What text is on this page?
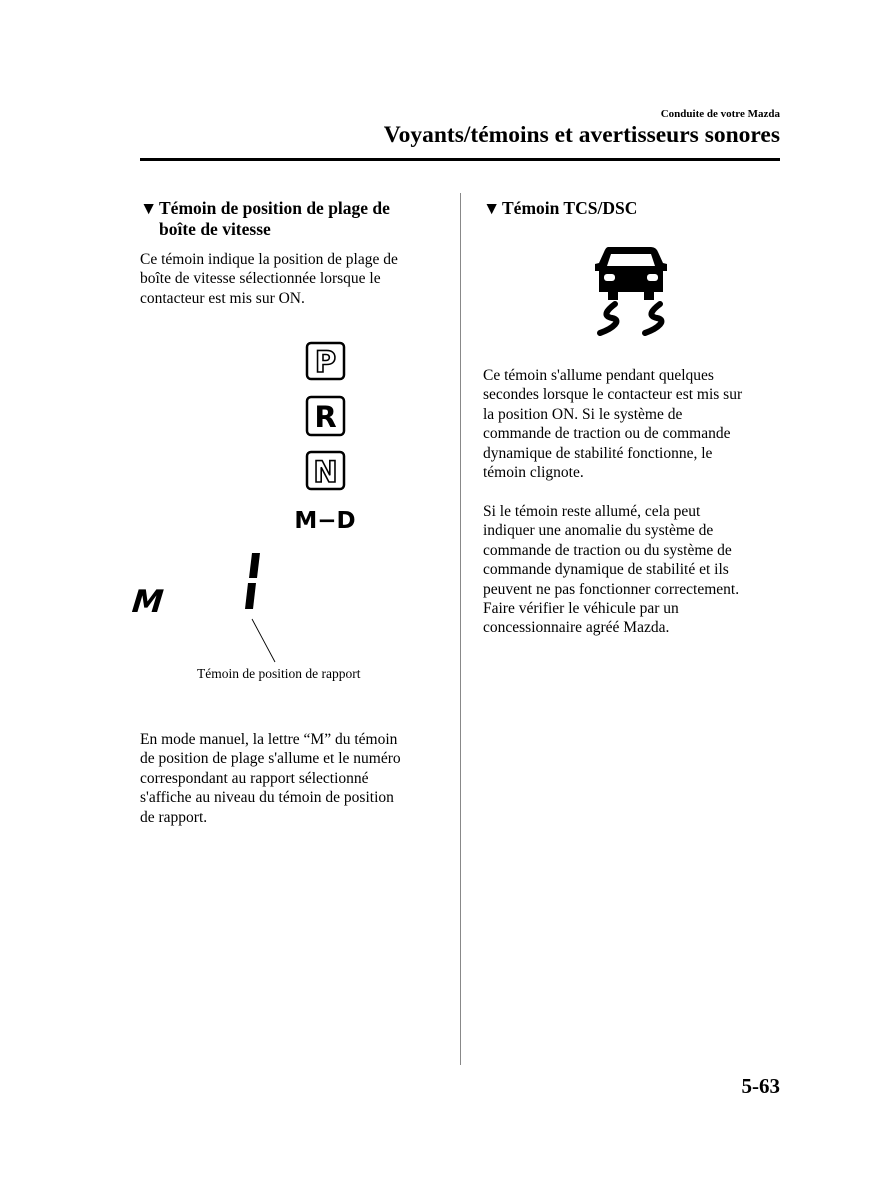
Conduite de votre Mazda
Voyants/témoins et avertisseurs sonores
▼Témoin de position de plage de
boîte de vitesse

Ce témoin indique la position de plage de

boîte de vitesse sélectionnée lorsque le

contacteur est mis sur ON.

P
R
N
M−D
M
Témoin de position de rapport

En mode manuel, la lettre “M” du témoin

de position de plage s'allume et le numéro

correspondant au rapport sélectionné

s'affiche au niveau du témoin de position

de rapport.

▼Témoin TCS/DSC

Ce témoin s'allume pendant quelques

secondes lorsque le contacteur est mis sur

la position ON. Si le système de

commande de traction ou de commande

dynamique de stabilité fonctionne, le

témoin clignote.

Si le témoin reste allumé, cela peut

indiquer une anomalie du système de

commande de traction ou du système de

commande dynamique de stabilité et ils

peuvent ne pas fonctionner correctement.

Faire vérifier le véhicule par un

concessionnaire agréé Mazda.

5-63
